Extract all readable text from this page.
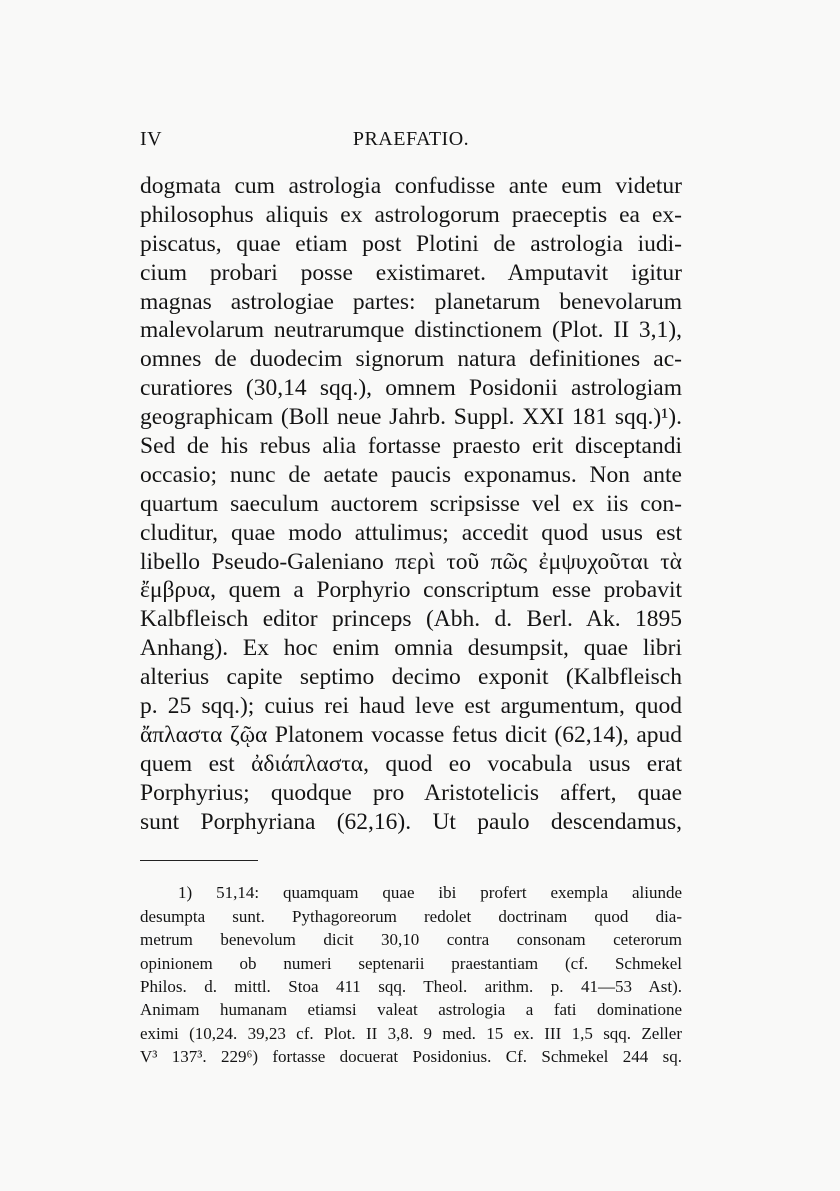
IV	PRAEFATIO.
dogmata cum astrologia confudisse ante eum videtur
philosophus aliquis ex astrologorum praeceptis ea ex-
piscatus, quae etiam post Plotini de astrologia iudi-
cium probari posse existimaret. Amputavit igitur
magnas astrologiae partes: planetarum benevolarum
malevolarum neutrarumque distinctionem (Plot. II 3,1),
omnes de duodecim signorum natura definitiones ac-
curatiores (30,14 sqq.), omnem Posidonii astrologiam
geographicam (Boll neue Jahrb. Suppl. XXI 181 sqq.)¹).
Sed de his rebus alia fortasse praesto erit disceptandi
occasio; nunc de aetate paucis exponamus. Non ante
quartum saeculum auctorem scripsisse vel ex iis con-
cluditur, quae modo attulimus; accedit quod usus est
libello Pseudo-Galeniano περὶ τοῦ πῶς ἐμψυχοῦται τὰ
ἔμβρυα, quem a Porphyrio conscriptum esse probavit
Kalbfleisch editor princeps (Abh. d. Berl. Ak. 1895
Anhang). Ex hoc enim omnia desumpsit, quae libri
alterius capite septimo decimo exponit (Kalbfleisch
p. 25 sqq.); cuius rei haud leve est argumentum, quod
ἄπλαστα ζῷα Platonem vocasse fetus dicit (62,14), apud
quem est ἀδιάπλαστα, quod eo vocabula usus erat
Porphyrius; quodque pro Aristotelicis affert, quae
sunt Porphyriana (62,16). Ut paulo descendamus,
1) 51,14: quamquam quae ibi profert exempla aliunde
desumpta sunt. Pythagoreorum redolet doctrinam quod dia-
metrum benevolum dicit 30,10 contra consonam ceterorum
opinionem ob numeri septenarii praestantiam (cf. Schmekel
Philos. d. mittl. Stoa 411 sqq. Theol. arithm. p. 41—53 Ast).
Animam humanam etiamsi valeat astrologia a fati dominatione
eximi (10,24. 39,23 cf. Plot. II 3,8. 9 med. 15 ex. III 1,5 sqq. Zeller
V³ 137³. 229⁶) fortasse docuerat Posidonius. Cf. Schmekel 244 sq.
